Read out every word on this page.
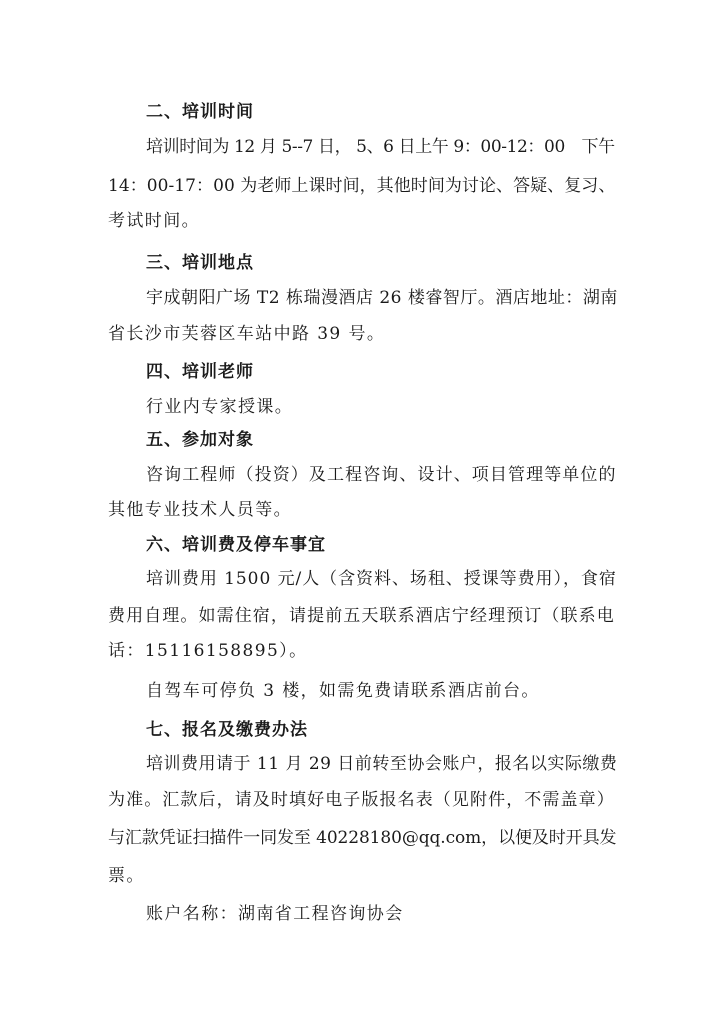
二、培训时间
培训时间为 12 月 5--7 日， 5、6 日上午 9：00-12：00　下午
14：00-17：00 为老师上课时间，其他时间为讨论、答疑、复习、
考试时间。
三、培训地点
宇成朝阳广场 T2 栋瑞漫酒店 26 楼睿智厅。酒店地址：湖南
省长沙市芙蓉区车站中路 39 号。
四、培训老师
行业内专家授课。
五、参加对象
咨询工程师（投资）及工程咨询、设计、项目管理等单位的
其他专业技术人员等。
六、培训费及停车事宜
培训费用 1500 元/人（含资料、场租、授课等费用），食宿
费用自理。如需住宿，请提前五天联系酒店宁经理预订（联系电
话：15116158895）。
自驾车可停负 3 楼，如需免费请联系酒店前台。
七、报名及缴费办法
培训费用请于 11 月 29 日前转至协会账户，报名以实际缴费
为准。汇款后，请及时填好电子版报名表（见附件，不需盖章）
与汇款凭证扫描件一同发至 40228180@qq.com，以便及时开具发
票。
账户名称：湖南省工程咨询协会
